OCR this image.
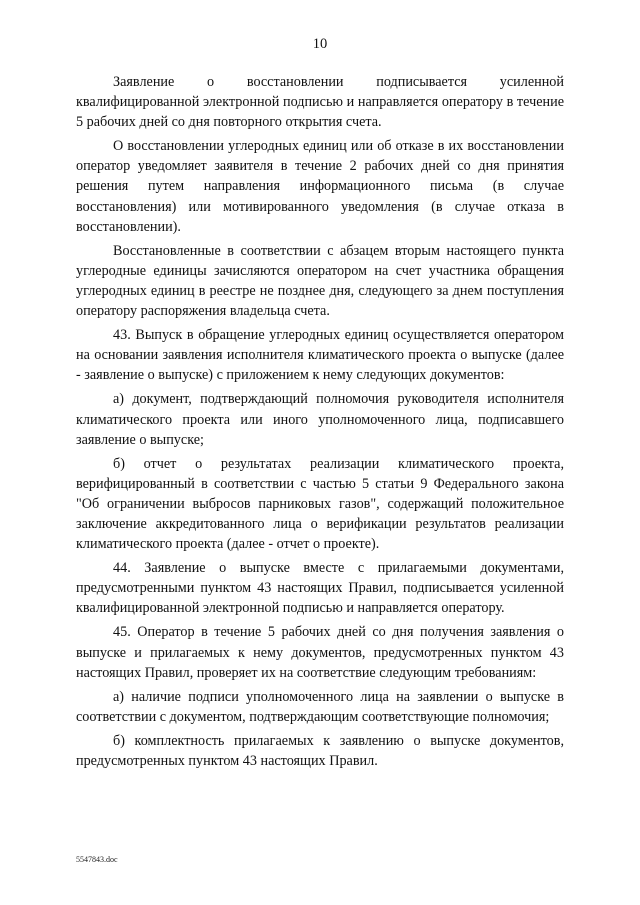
10

Заявление о восстановлении подписывается усиленной квалифицированной электронной подписью и направляется оператору в течение 5 рабочих дней со дня повторного открытия счета.

О восстановлении углеродных единиц или об отказе в их восстановлении оператор уведомляет заявителя в течение 2 рабочих дней со дня принятия решения путем направления информационного письма (в случае восстановления) или мотивированного уведомления (в случае отказа в восстановлении).

Восстановленные в соответствии с абзацем вторым настоящего пункта углеродные единицы зачисляются оператором на счет участника обращения углеродных единиц в реестре не позднее дня, следующего за днем поступления оператору распоряжения владельца счета.

43. Выпуск в обращение углеродных единиц осуществляется оператором на основании заявления исполнителя климатического проекта о выпуске (далее - заявление о выпуске) с приложением к нему следующих документов:

а) документ, подтверждающий полномочия руководителя исполнителя климатического проекта или иного уполномоченного лица, подписавшего заявление о выпуске;

б) отчет о результатах реализации климатического проекта, верифицированный в соответствии с частью 5 статьи 9 Федерального закона "Об ограничении выбросов парниковых газов", содержащий положительное заключение аккредитованного лица о верификации результатов реализации климатического проекта (далее - отчет о проекте).

44. Заявление о выпуске вместе с прилагаемыми документами, предусмотренными пунктом 43 настоящих Правил, подписывается усиленной квалифицированной электронной подписью и направляется оператору.

45. Оператор в течение 5 рабочих дней со дня получения заявления о выпуске и прилагаемых к нему документов, предусмотренных пунктом 43 настоящих Правил, проверяет их на соответствие следующим требованиям:

а) наличие подписи уполномоченного лица на заявлении о выпуске в соответствии с документом, подтверждающим соответствующие полномочия;

б) комплектность прилагаемых к заявлению о выпуске документов, предусмотренных пунктом 43 настоящих Правил.

5547843.doc
